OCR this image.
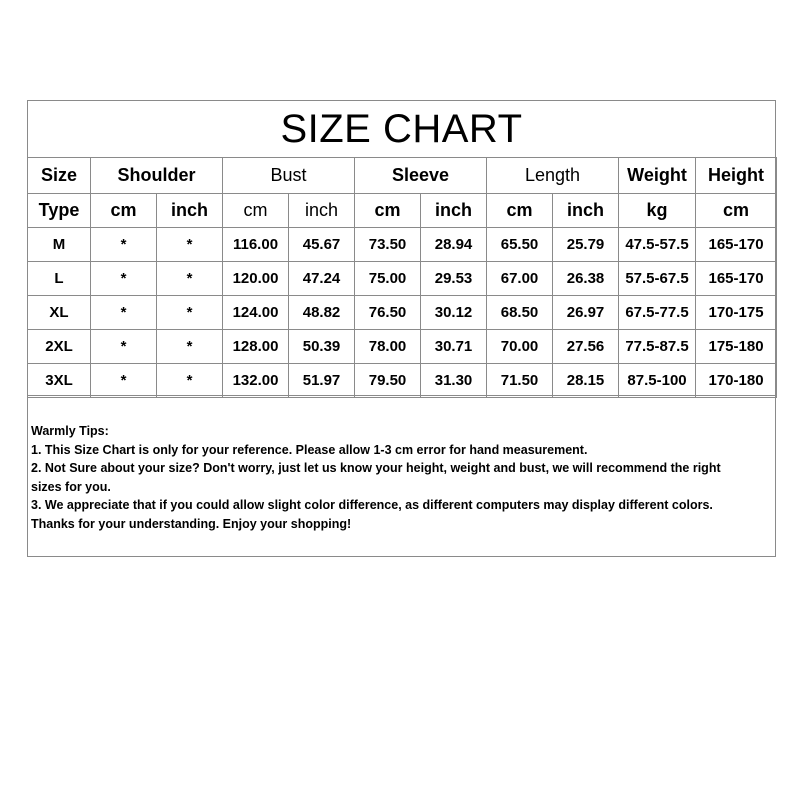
SIZE CHART
Size	Shoulder		Bust		Sleeve		Length		Weight	Height
Type	cm	inch	cm	inch	cm	inch	cm	inch	kg	cm
M	*	*	116.00	45.67	73.50	28.94	65.50	25.79	47.5-57.5	165-170
L	*	*	120.00	47.24	75.00	29.53	67.00	26.38	57.5-67.5	165-170
XL	*	*	124.00	48.82	76.50	30.12	68.50	26.97	67.5-77.5	170-175
2XL	*	*	128.00	50.39	78.00	30.71	70.00	27.56	77.5-87.5	175-180
3XL	*	*	132.00	51.97	79.50	31.30	71.50	28.15	87.5-100	170-180
Warmly Tips:
1. This Size Chart is only for your reference. Please allow 1-3 cm error for hand measurement.
2. Not Sure about your size? Don't worry, just let us know your height, weight and bust, we will recommend the right
sizes for you.
3. We appreciate that if you could allow slight color difference, as different computers may display different colors.
Thanks for your understanding. Enjoy your shopping!
